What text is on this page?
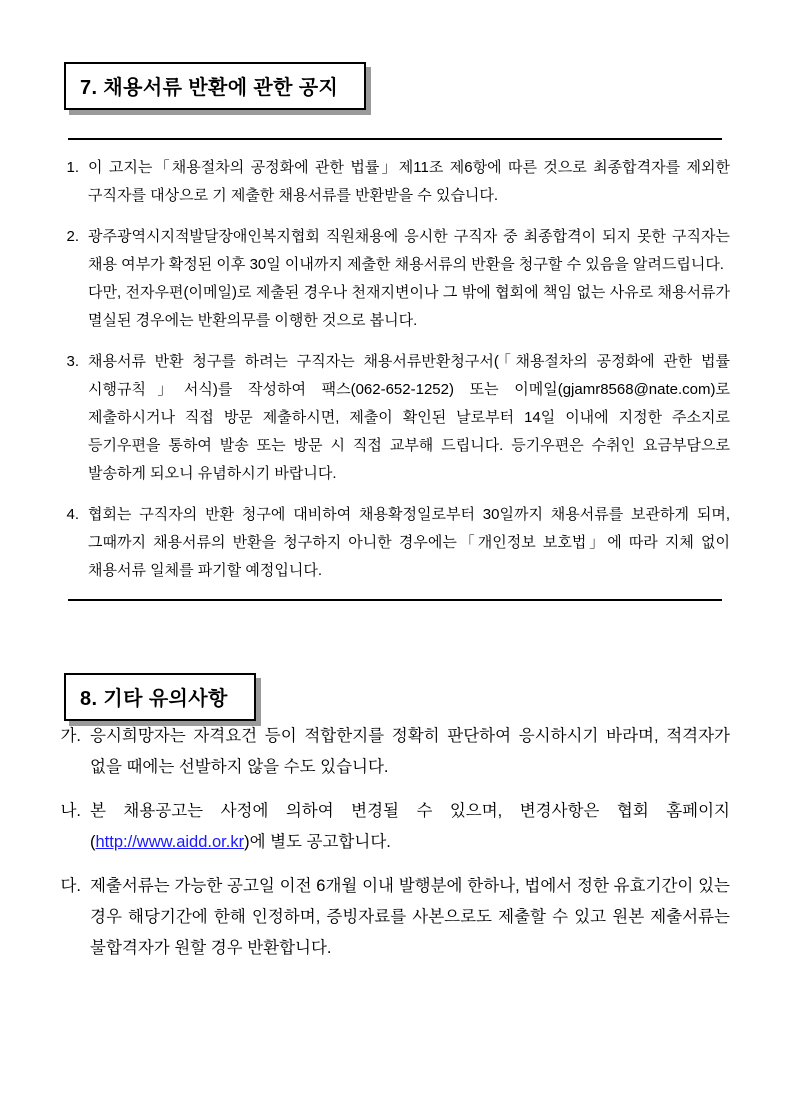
7. 채용서류 반환에 관한 공지
1. 이 고지는「채용절차의 공정화에 관한 법률」제11조 제6항에 따른 것으로 최종합격자를 제외한 구직자를 대상으로 기 제출한 채용서류를 반환받을 수 있습니다.

2. 광주광역시지적발달장애인복지협회 직원채용에 응시한 구직자 중 최종합격이 되지 못한 구직자는 채용 여부가 확정된 이후 30일 이내까지 제출한 채용서류의 반환을 청구할 수 있음을 알려드립니다.

다만, 전자우편(이메일)로 제출된 경우나 천재지변이나 그 밖에 협회에 책임 없는 사유로 채용서류가 멸실된 경우에는 반환의무를 이행한 것으로 봅니다.

3. 채용서류 반환 청구를 하려는 구직자는 채용서류반환청구서(「채용절차의 공정화에 관한 법률 시행규칙」서식)를 작성하여 팩스(062-652-1252) 또는 이메일(gjamr8568@nate.com)로 제출하시거나 직접 방문 제출하시면, 제출이 확인된 날로부터 14일 이내에 지정한 주소지로 등기우편을 통하여 발송 또는 방문 시 직접 교부해 드립니다. 등기우편은 수취인 요금부담으로 발송하게 되오니 유념하시기 바랍니다.

4. 협회는 구직자의 반환 청구에 대비하여 채용확정일로부터 30일까지 채용서류를 보관하게 되며, 그때까지 채용서류의 반환을 청구하지 아니한 경우에는「개인정보 보호법」에 따라 지체 없이 채용서류 일체를 파기할 예정입니다.

8. 기타 유의사항
가. 응시희망자는 자격요건 등이 적합한지를 정확히 판단하여 응시하시기 바라며, 적격자가 없을 때에는 선발하지 않을 수도 있습니다.
나. 본 채용공고는 사정에 의하여 변경될 수 있으며, 변경사항은 협회 홈페이지(http://www.aidd.or.kr)에 별도 공고합니다.
다. 제출서류는 가능한 공고일 이전 6개월 이내 발행분에 한하나, 법에서 정한 유효기간이 있는 경우 해당기간에 한해 인정하며, 증빙자료를 사본으로도 제출할 수 있고 원본 제출서류는 불합격자가 원할 경우 반환합니다.
